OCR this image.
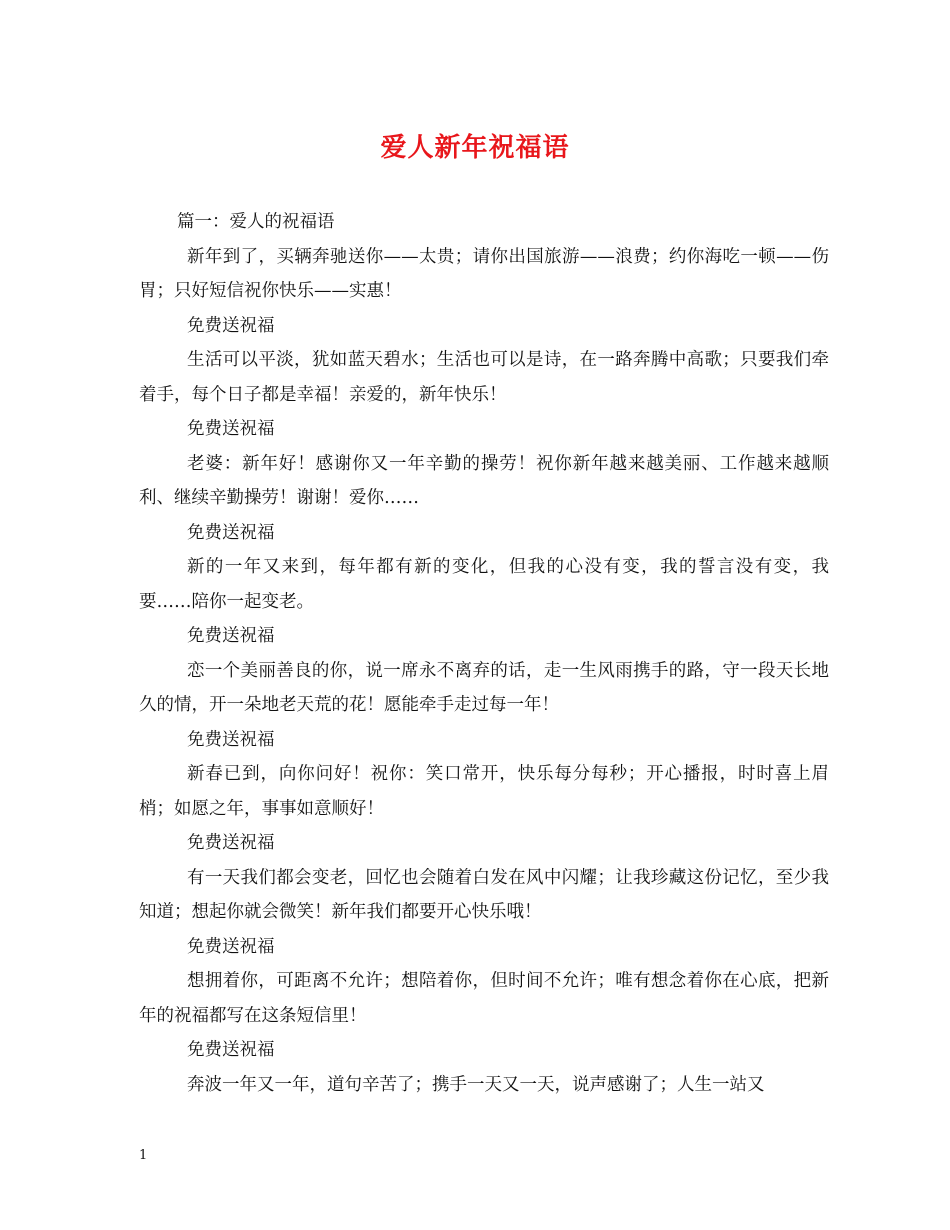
爱人新年祝福语

篇一：爱人的祝福语

新年到了，买辆奔驰送你——太贵；请你出国旅游——浪费；约你海吃一顿——伤胃；只好短信祝你快乐——实惠！

免费送祝福

生活可以平淡，犹如蓝天碧水；生活也可以是诗，在一路奔腾中高歌；只要我们牵着手，每个日子都是幸福！亲爱的，新年快乐！

免费送祝福

老婆：新年好！感谢你又一年辛勤的操劳！祝你新年越来越美丽、工作越来越顺利、继续辛勤操劳！谢谢！爱你……

免费送祝福

新的一年又来到，每年都有新的变化，但我的心没有变，我的誓言没有变，我要……陪你一起变老。

免费送祝福

恋一个美丽善良的你，说一席永不离弃的话，走一生风雨携手的路，守一段天长地久的情，开一朵地老天荒的花！愿能牵手走过每一年！

免费送祝福

新春已到，向你问好！祝你：笑口常开，快乐每分每秒；开心播报，时时喜上眉梢；如愿之年，事事如意顺好！

免费送祝福

有一天我们都会变老，回忆也会随着白发在风中闪耀；让我珍藏这份记忆，至少我知道；想起你就会微笑！新年我们都要开心快乐哦！

免费送祝福

想拥着你，可距离不允许；想陪着你，但时间不允许；唯有想念着你在心底，把新年的祝福都写在这条短信里！

免费送祝福

奔波一年又一年，道句辛苦了；携手一天又一天，说声感谢了；人生一站又

1
